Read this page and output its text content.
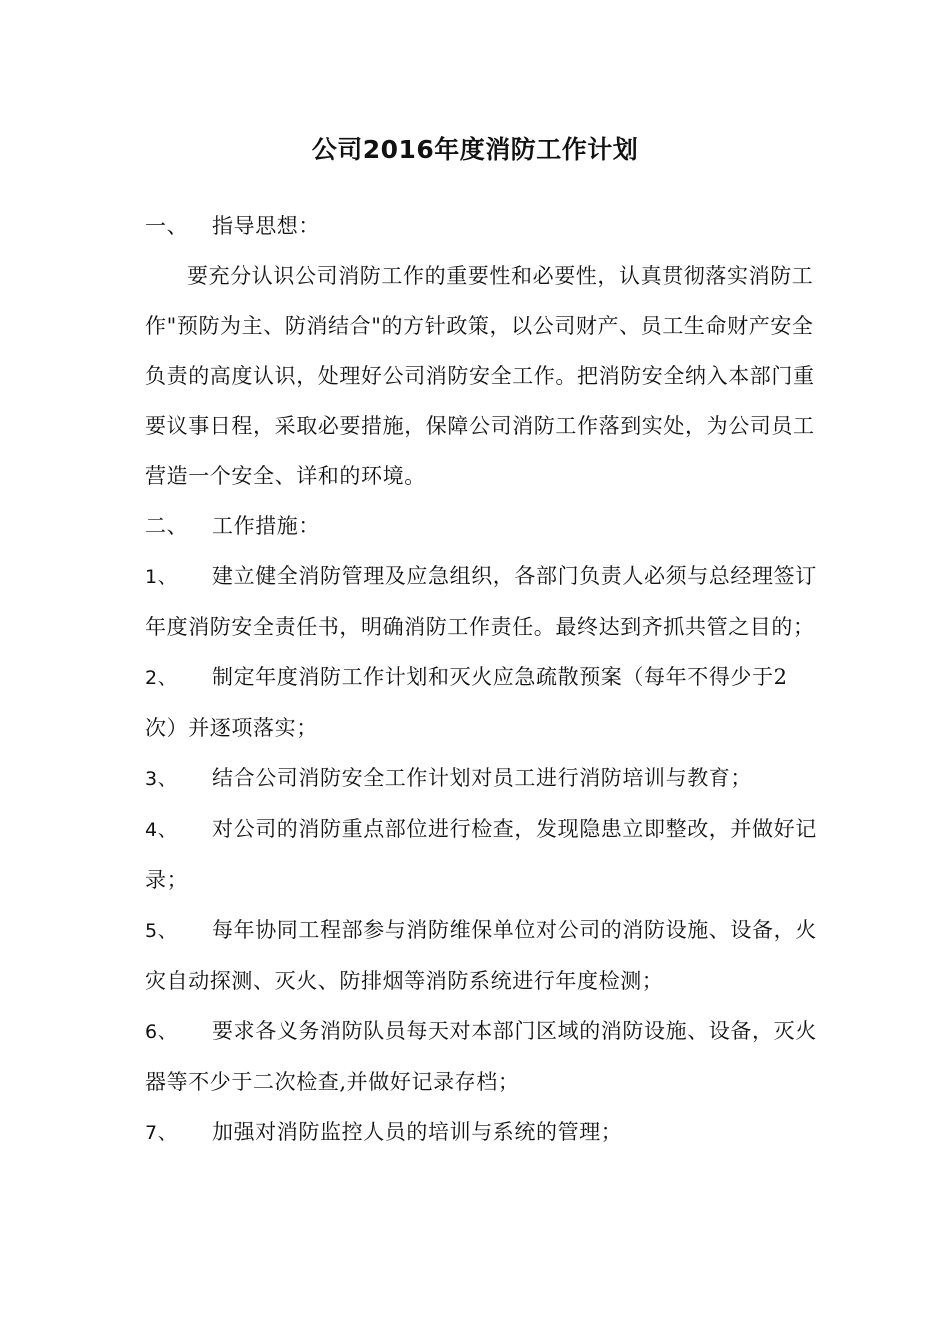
公司2016年度消防工作计划

一、 指导思想：

要充分认识公司消防工作的重要性和必要性，认真贯彻落实消防工作"预防为主、防消结合"的方针政策，以公司财产、员工生命财产安全负责的高度认识，处理好公司消防安全工作。把消防安全纳入本部门重要议事日程，采取必要措施，保障公司消防工作落到实处，为公司员工营造一个安全、详和的环境。

二、 工作措施：

1、 建立健全消防管理及应急组织，各部门负责人必须与总经理签订年度消防安全责任书，明确消防工作责任。最终达到齐抓共管之目的；

2、 制定年度消防工作计划和灭火应急疏散预案（每年不得少于2次）并逐项落实；

3、 结合公司消防安全工作计划对员工进行消防培训与教育；

4、 对公司的消防重点部位进行检查，发现隐患立即整改，并做好记录；

5、 每年协同工程部参与消防维保单位对公司的消防设施、设备，火灾自动探测、灭火、防排烟等消防系统进行年度检测；

6、 要求各义务消防队员每天对本部门区域的消防设施、设备，灭火器等不少于二次检查,并做好记录存档；

7、 加强对消防监控人员的培训与系统的管理；
